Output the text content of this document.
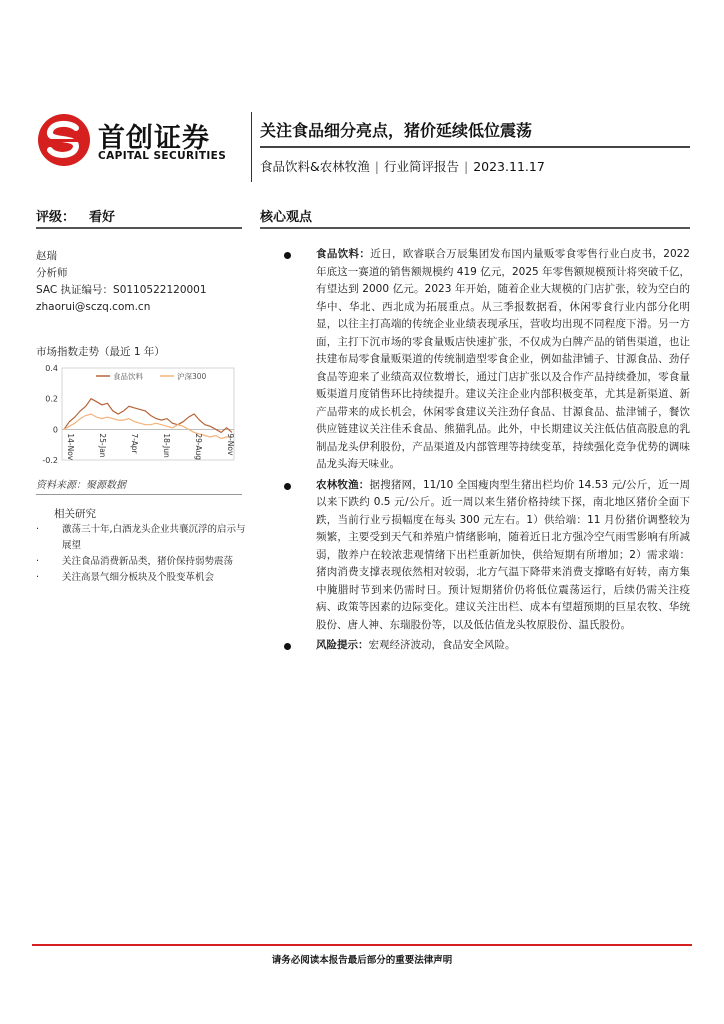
首创证券
CAPITAL SECURITIES
关注食品细分亮点，猪价延续低位震荡
食品饮料&农林牧渔 | 行业简评报告 | 2023.11.17
评级： 看好	核心观点
赵瑞
分析师
SAC 执证编号：S0110522120001
zhaorui@sczq.com.cn
市场指数走势（最近 1 年）
0.4
0.2
0
-0.2
14-Nov	25-Jan	7-Apr	18-Jun	29-Aug	9-Nov
食品饮料	沪深300
资料来源：聚源数据
相关研究
· 激荡三十年,白酒龙头企业共襄沉浮的启示与展望
· 关注食品消费新品类，猪价保持弱势震荡
· 关注高景气细分板块及个股变革机会

食品饮料：近日，欧睿联合万辰集团发布国内量贩零食零售行业白皮书，2022 年底这一赛道的销售额规模约 419 亿元，2025 年零售额规模预计将突破千亿，有望达到 2000 亿元。2023 年开始，随着企业大规模的门店扩张，较为空白的华中、华北、西北成为拓展重点。从三季报数据看，休闲零食行业内部分化明显，以往主打高端的传统企业业绩表现承压，营收均出现不同程度下滑。另一方面，主打下沉市场的零食量贩店快速扩张，不仅成为白牌产品的销售渠道，也让扶建布局零食量贩渠道的传统制造型零食企业，例如盐津铺子、甘源食品、劲仔食品等迎来了业绩高双位数增长，通过门店扩张以及合作产品持续叠加，零食量贩渠道月度销售环比持续提升。建议关注企业内部积极变革，尤其是新渠道、新产品带来的成长机会，休闲零食建议关注劲仔食品、甘源食品、盐津铺子，餐饮供应链建议关注佳禾食品、熊猫乳品。此外，中长期建议关注低估值高股息的乳制品龙头伊利股份，产品渠道及内部管理等持续变革，持续强化竞争优势的调味品龙头海天味业。

农林牧渔：据搜猪网，11/10 全国瘦肉型生猪出栏均价 14.53 元/公斤，近一周以来下跌约 0.5 元/公斤。近一周以来生猪价格持续下探，南北地区猪价全面下跌，当前行业亏损幅度在每头 300 元左右。1）供给端：11 月份猪价调整较为频繁，主要受到天气和养殖户情绪影响，随着近日北方强冷空气雨雪影响有所减弱，散养户在较浓悲观情绪下出栏重新加快，供给短期有所增加；2）需求端：猪肉消费支撑表现依然相对较弱，北方气温下降带来消费支撑略有好转，南方集中腌腊时节到来仍需时日。预计短期猪价仍将低位震荡运行，后续仍需关注疫病、政策等因素的边际变化。建议关注出栏、成本有望超预期的巨星农牧、华统股份、唐人神、东瑞股份等，以及低估值龙头牧原股份、温氏股份。

风险提示：宏观经济波动，食品安全风险。

请务必阅读本报告最后部分的重要法律声明
